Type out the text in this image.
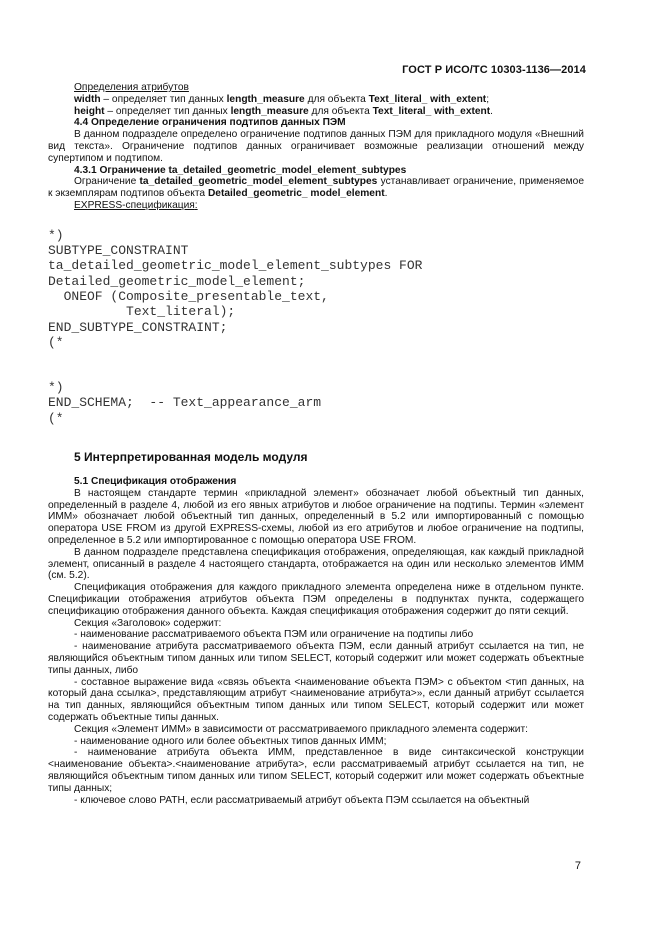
ГОСТ Р ИСО/ТС 10303-1136—2014

Определения атрибутов

width – определяет тип данных length_measure для объекта Text_literal_ with_extent;

height – определяет тип данных length_measure для объекта Text_literal_ with_extent.

4.4 Определение ограничения подтипов данных ПЭМ

В данном подразделе определено ограничение подтипов данных ПЭМ для прикладного модуля «Внешний вид текста». Ограничение подтипов данных ограничивает возможные реализации отношений между супертипом и подтипом.

4.3.1 Ограничение ta_detailed_geometric_model_element_subtypes

Ограничение ta_detailed_geometric_model_element_subtypes устанавливает ограничение, применяемое к экземплярам подтипов объекта Detailed_geometric_ model_element.

EXPRESS-спецификация:

*)
SUBTYPE_CONSTRAINT
ta_detailed_geometric_model_element_subtypes FOR
Detailed_geometric_model_element;
ONEOF (Composite_presentable_text,
Text_literal);
END_SUBTYPE_CONSTRAINT;
(*
*)
END_SCHEMA;  -- Text_appearance_arm
(*

5 Интерпретированная модель модуля

5.1 Спецификация отображения

В настоящем стандарте термин «прикладной элемент» обозначает любой объектный тип данных, определенный в разделе 4, любой из его явных атрибутов и любое ограничение на подтипы. Термин «элемент ИММ» обозначает любой объектный тип данных, определенный в 5.2 или импортированный с помощью оператора USE FROM из другой EXPRESS-схемы, любой из его атрибутов и любое ограничение на подтипы, определенное в 5.2 или импортированное с помощью оператора USE FROM.

В данном подразделе представлена спецификация отображения, определяющая, как каждый прикладной элемент, описанный в разделе 4 настоящего стандарта, отображается на один или несколько элементов ИММ (см. 5.2).

Спецификация отображения для каждого прикладного элемента определена ниже в отдельном пункте. Спецификации отображения атрибутов объекта ПЭМ определены в подпунктах пункта, содержащего спецификацию отображения данного объекта. Каждая спецификация отображения содержит до пяти секций.

Секция «Заголовок» содержит:

- наименование рассматриваемого объекта ПЭМ или ограничение на подтипы либо

- наименование атрибута рассматриваемого объекта ПЭМ, если данный атрибут ссылается на тип, не являющийся объектным типом данных или типом SELECT, который содержит или может содержать объектные типы данных, либо

- составное выражение вида «связь объекта <наименование объекта ПЭМ> с объектом <тип данных, на который дана ссылка>, представляющим атрибут <наименование атрибута>», если данный атрибут ссылается на тип данных, являющийся объектным типом данных или типом SELECT, который содержит или может содержать объектные типы данных.

Секция «Элемент ИММ» в зависимости от рассматриваемого прикладного элемента содержит:

- наименование одного или более объектных типов данных ИММ;

- наименование атрибута объекта ИММ, представленное в виде синтаксической конструкции <наименование объекта>.<наименование атрибута>, если рассматриваемый атрибут ссылается на тип, не являющийся объектным типом данных или типом SELECT, который содержит или может содержать объектные типы данных;

- ключевое слово PATH, если рассматриваемый атрибут объекта ПЭМ ссылается на объектный

7
